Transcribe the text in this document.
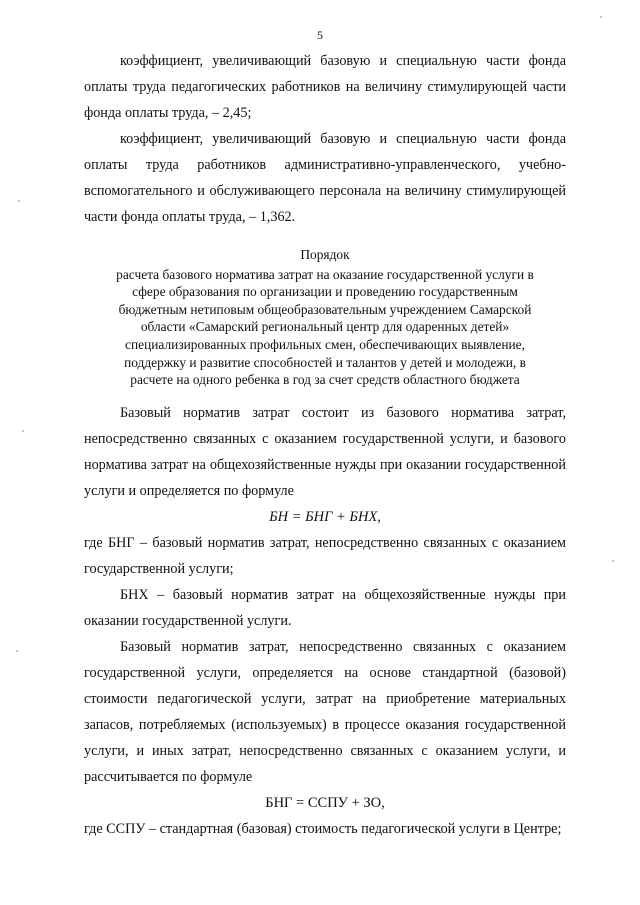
5

коэффициент, увеличивающий базовую и специальную части фонда оплаты труда педагогических работников на величину стимулирующей части фонда оплаты труда, – 2,45;

коэффициент, увеличивающий базовую и специальную части фонда оплаты труда работников административно-управленческого, учебно-вспомогательного и обслуживающего персонала на величину стимулирующей части фонда оплаты труда, – 1,362.

Порядок
расчета базового норматива затрат на оказание государственной услуги в
сфере образования по организации и проведению государственным
бюджетным нетиповым общеобразовательным учреждением Самарской
области «Самарский региональный центр для одаренных детей»
специализированных профильных смен, обеспечивающих выявление,
поддержку и развитие способностей и талантов у детей и молодежи, в
расчете на одного ребенка в год за счет средств областного бюджета

Базовый норматив затрат состоит из базового норматива затрат, непосредственно связанных с оказанием государственной услуги, и базового норматива затрат на общехозяйственные нужды при оказании государственной услуги и определяется по формуле

БН = БНГ + БНХ,

где БНГ – базовый норматив затрат, непосредственно связанных с оказанием государственной услуги;

БНХ – базовый норматив затрат на общехозяйственные нужды при оказании государственной услуги.

Базовый норматив затрат, непосредственно связанных с оказанием государственной услуги, определяется на основе стандартной (базовой) стоимости педагогической услуги, затрат на приобретение материальных запасов, потребляемых (используемых) в процессе оказания государственной услуги, и иных затрат, непосредственно связанных с оказанием услуги, и рассчитывается по формуле

БНГ = ССПУ + ЗО,

где ССПУ – стандартная (базовая) стоимость педагогической услуги в Центре;
